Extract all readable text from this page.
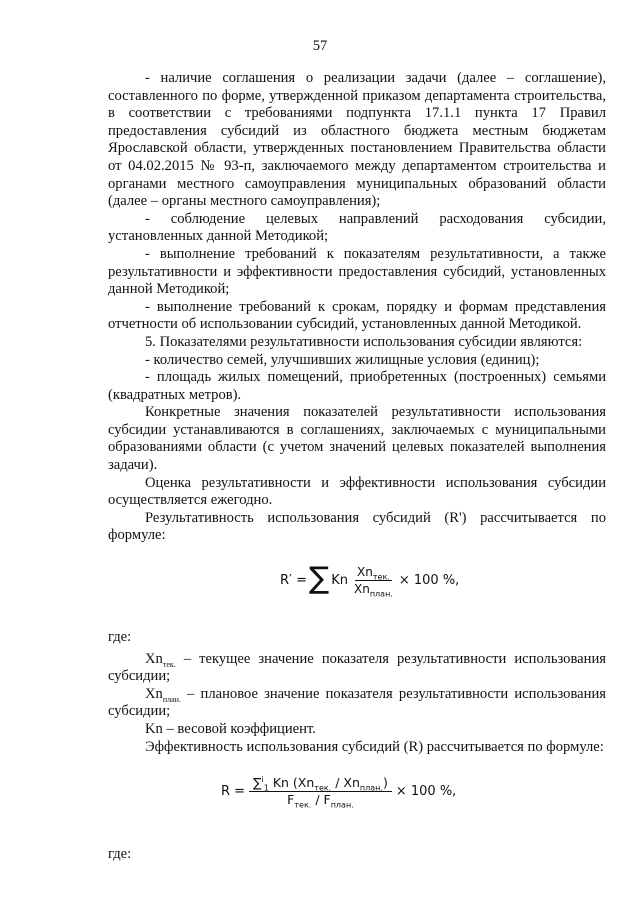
57

- наличие соглашения о реализации задачи (далее – соглашение), составленного по форме, утвержденной приказом департамента строительства, в соответствии с требованиями подпункта 17.1.1 пункта 17 Правил предоставления субсидий из областного бюджета местным бюджетам Ярославской области, утвержденных постановлением Правительства области от 04.02.2015 № 93-п, заключаемого между департаментом строительства и органами местного самоуправления муниципальных образований области (далее – органы местного самоуправления);

- соблюдение целевых направлений расходования субсидии, установленных данной Методикой;

- выполнение требований к показателям результативности, а также результативности и эффективности предоставления субсидий, установленных данной Методикой;

- выполнение требований к срокам, порядку и формам представления отчетности об использовании субсидий, установленных данной Методикой.

5. Показателями результативности использования субсидии являются:

- количество семей, улучшивших жилищные условия (единиц);

- площадь жилых помещений, приобретенных (построенных) семьями (квадратных метров).

Конкретные значения показателей результативности использования субсидии устанавливаются в соглашениях, заключаемых с муниципальными образованиями области (с учетом значений целевых показателей выполнения задачи).

Оценка результативности и эффективности использования субсидии осуществляется ежегодно.

Результативность использования субсидий (R') рассчитывается по формуле:

R′ = ∑ Kn $\frac{Xn_{тек.}}{Xn_{план.}} \times 100$ %,

где:

$Xn_{тек.}$ – текущее значение показателя результативности использования субсидии;

$Xn_{план.}$ – плановое значение показателя результативности использования субсидии;

Kn – весовой коэффициент.

Эффективность использования субсидий (R) рассчитывается по формуле:

$R = \frac{\sum^i_1 Kn (Xn_{тек.} / Xn_{план.})}{F_{тек.} / F_{план.}} \times 100$ %,

где:
